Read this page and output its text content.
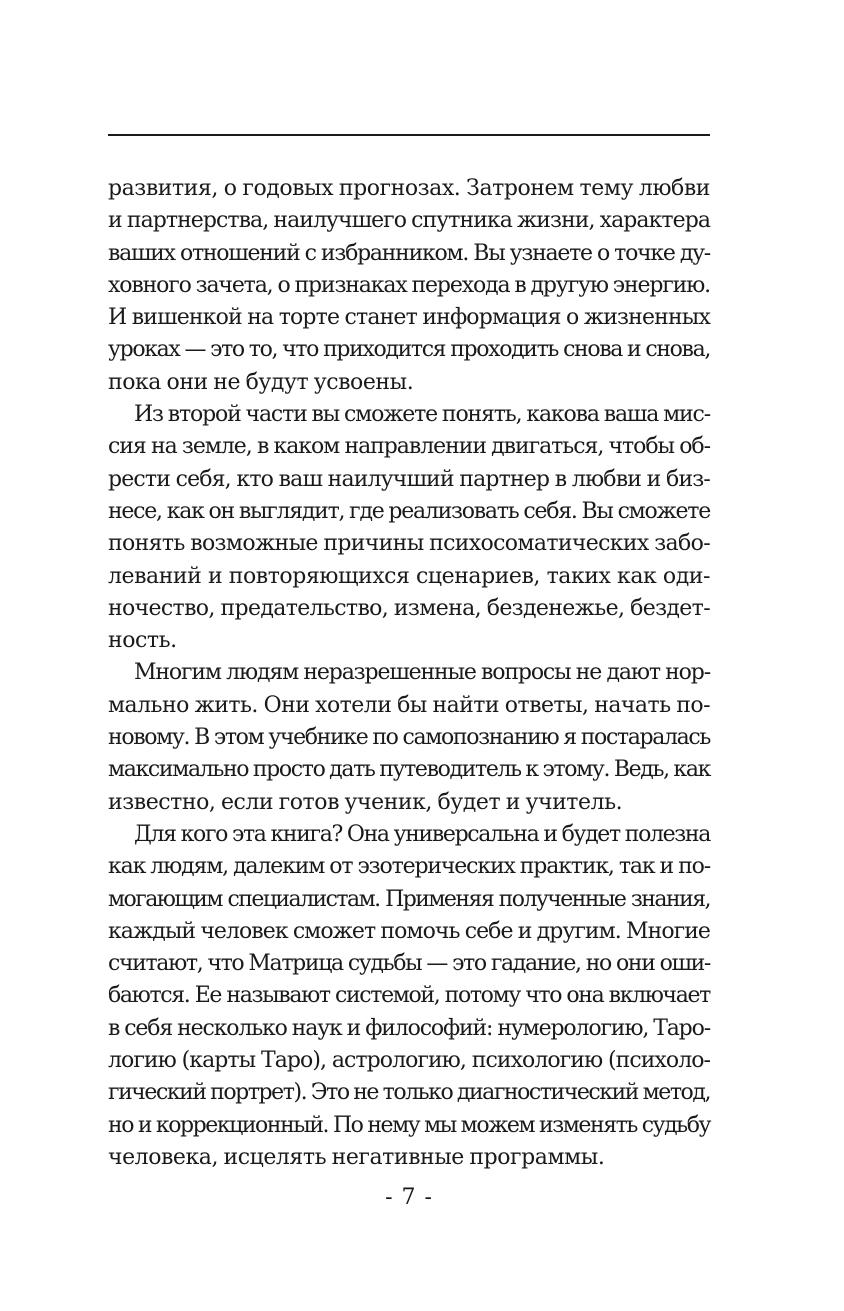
развития, о годовых прогнозах. Затронем тему любви
и партнерства, наилучшего спутника жизни, характера
ваших отношений с избранником. Вы узнаете о точке ду-
ховного зачета, о признаках перехода в другую энергию.
И вишенкой на торте станет информация о жизненных
уроках — это то, что приходится проходить снова и снова,
пока они не будут усвоены.
Из второй части вы сможете понять, какова ваша мис-
сия на земле, в каком направлении двигаться, чтобы об-
рести себя, кто ваш наилучший партнер в любви и биз-
несе, как он выглядит, где реализовать себя. Вы сможете
понять возможные причины психосоматических забо-
леваний и повторяющихся сценариев, таких как оди-
ночество, предательство, измена, безденежье, бездет-
ность.
Многим людям неразрешенные вопросы не дают нор-
мально жить. Они хотели бы найти ответы, начать по-
новому. В этом учебнике по самопознанию я постаралась
максимально просто дать путеводитель к этому. Ведь, как
известно, если готов ученик, будет и учитель.
Для кого эта книга? Она универсальна и будет полезна
как людям, далеким от эзотерических практик, так и по-
могающим специалистам. Применяя полученные знания,
каждый человек сможет помочь себе и другим. Многие
считают, что Матрица судьбы — это гадание, но они оши-
баются. Ее называют системой, потому что она включает
в себя несколько наук и философий: нумерологию, Таро-
логию (карты Таро), астрологию, психологию (психоло-
гический портрет). Это не только диагностический метод,
но и коррекционный. По нему мы можем изменять судьбу
человека, исцелять негативные программы.
- 7 -
